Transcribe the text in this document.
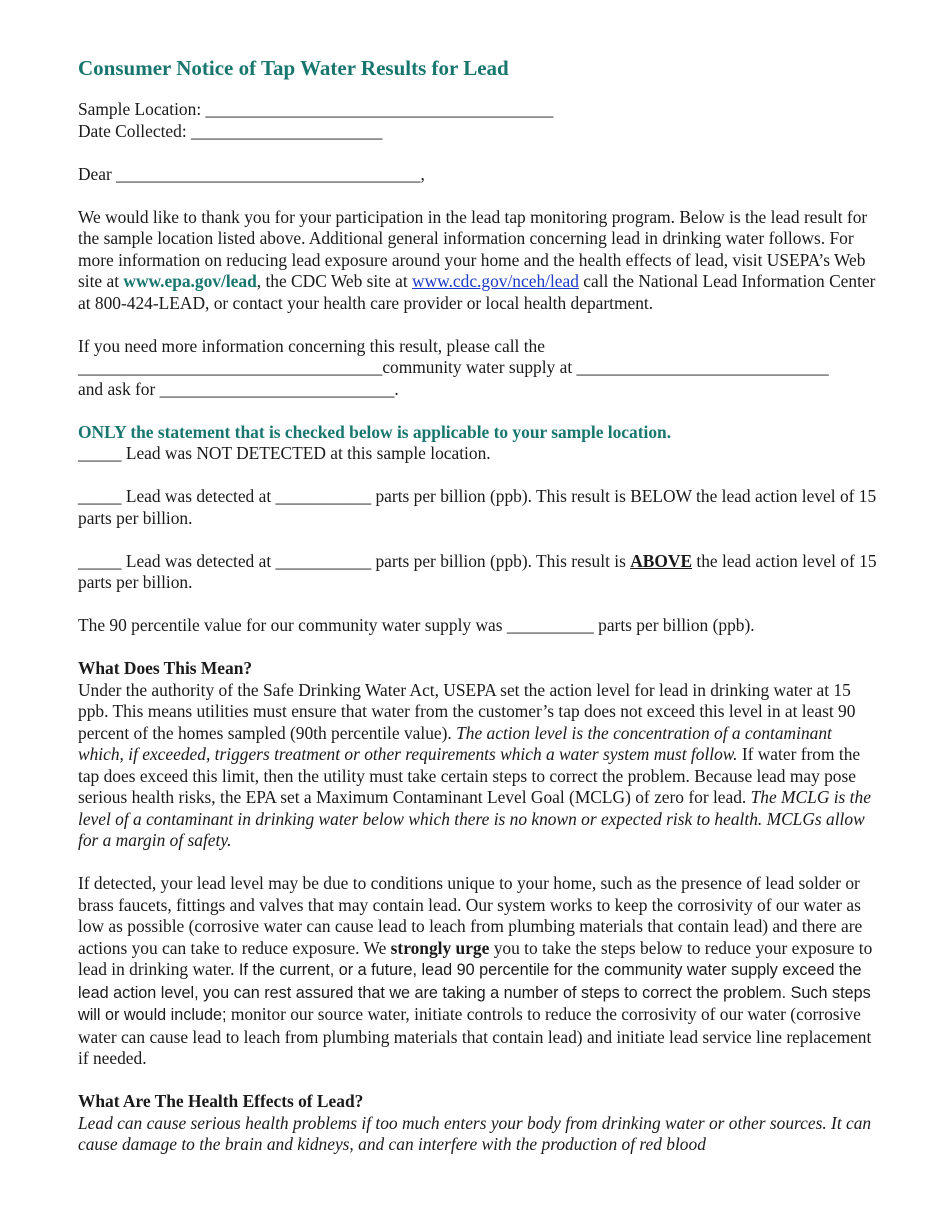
Consumer Notice of Tap Water Results for Lead
Sample Location: ________________________________________
Date Collected: ______________________
Dear ___________________________________,

We would like to thank you for your participation in the lead tap monitoring program. Below is the lead result for the sample location listed above. Additional general information concerning lead in drinking water follows. For more information on reducing lead exposure around your home and the health effects of lead, visit USEPA’s Web site at www.epa.gov/lead, the CDC Web site at www.cdc.gov/nceh/lead call the National Lead Information Center at 800-424-LEAD, or contact your health care provider or local health department.

If you need more information concerning this result, please call the
___________________________________community water supply at _____________________________
and ask for ___________________________.
ONLY the statement that is checked below is applicable to your sample location.

_____ Lead was NOT DETECTED at this sample location.

_____ Lead was detected at ___________ parts per billion (ppb). This result is BELOW the lead action level of 15 parts per billion.

_____ Lead was detected at ___________ parts per billion (ppb). This result is ABOVE the lead action level of 15 parts per billion.

The 90 percentile value for our community water supply was __________ parts per billion (ppb).

What Does This Mean?

Under the authority of the Safe Drinking Water Act, USEPA set the action level for lead in drinking water at 15 ppb. This means utilities must ensure that water from the customer’s tap does not exceed this level in at least 90 percent of the homes sampled (90th percentile value). The action level is the concentration of a contaminant which, if exceeded, triggers treatment or other requirements which a water system must follow. If water from the tap does exceed this limit, then the utility must take certain steps to correct the problem. Because lead may pose serious health risks, the EPA set a Maximum Contaminant Level Goal (MCLG) of zero for lead. The MCLG is the level of a contaminant in drinking water below which there is no known or expected risk to health. MCLGs allow for a margin of safety.

If detected, your lead level may be due to conditions unique to your home, such as the presence of lead solder or brass faucets, fittings and valves that may contain lead. Our system works to keep the corrosivity of our water as low as possible (corrosive water can cause lead to leach from plumbing materials that contain lead) and there are actions you can take to reduce exposure. We strongly urge you to take the steps below to reduce your exposure to lead in drinking water. If the current, or a future, lead 90 percentile for the community water supply exceed the lead action level, you can rest assured that we are taking a number of steps to correct the problem. Such steps will or would include; monitor our source water, initiate controls to reduce the corrosivity of our water (corrosive water can cause lead to leach from plumbing materials that contain lead) and initiate lead service line replacement if needed.

What Are The Health Effects of Lead?

Lead can cause serious health problems if too much enters your body from drinking water or other sources. It can cause damage to the brain and kidneys, and can interfere with the production of red blood
